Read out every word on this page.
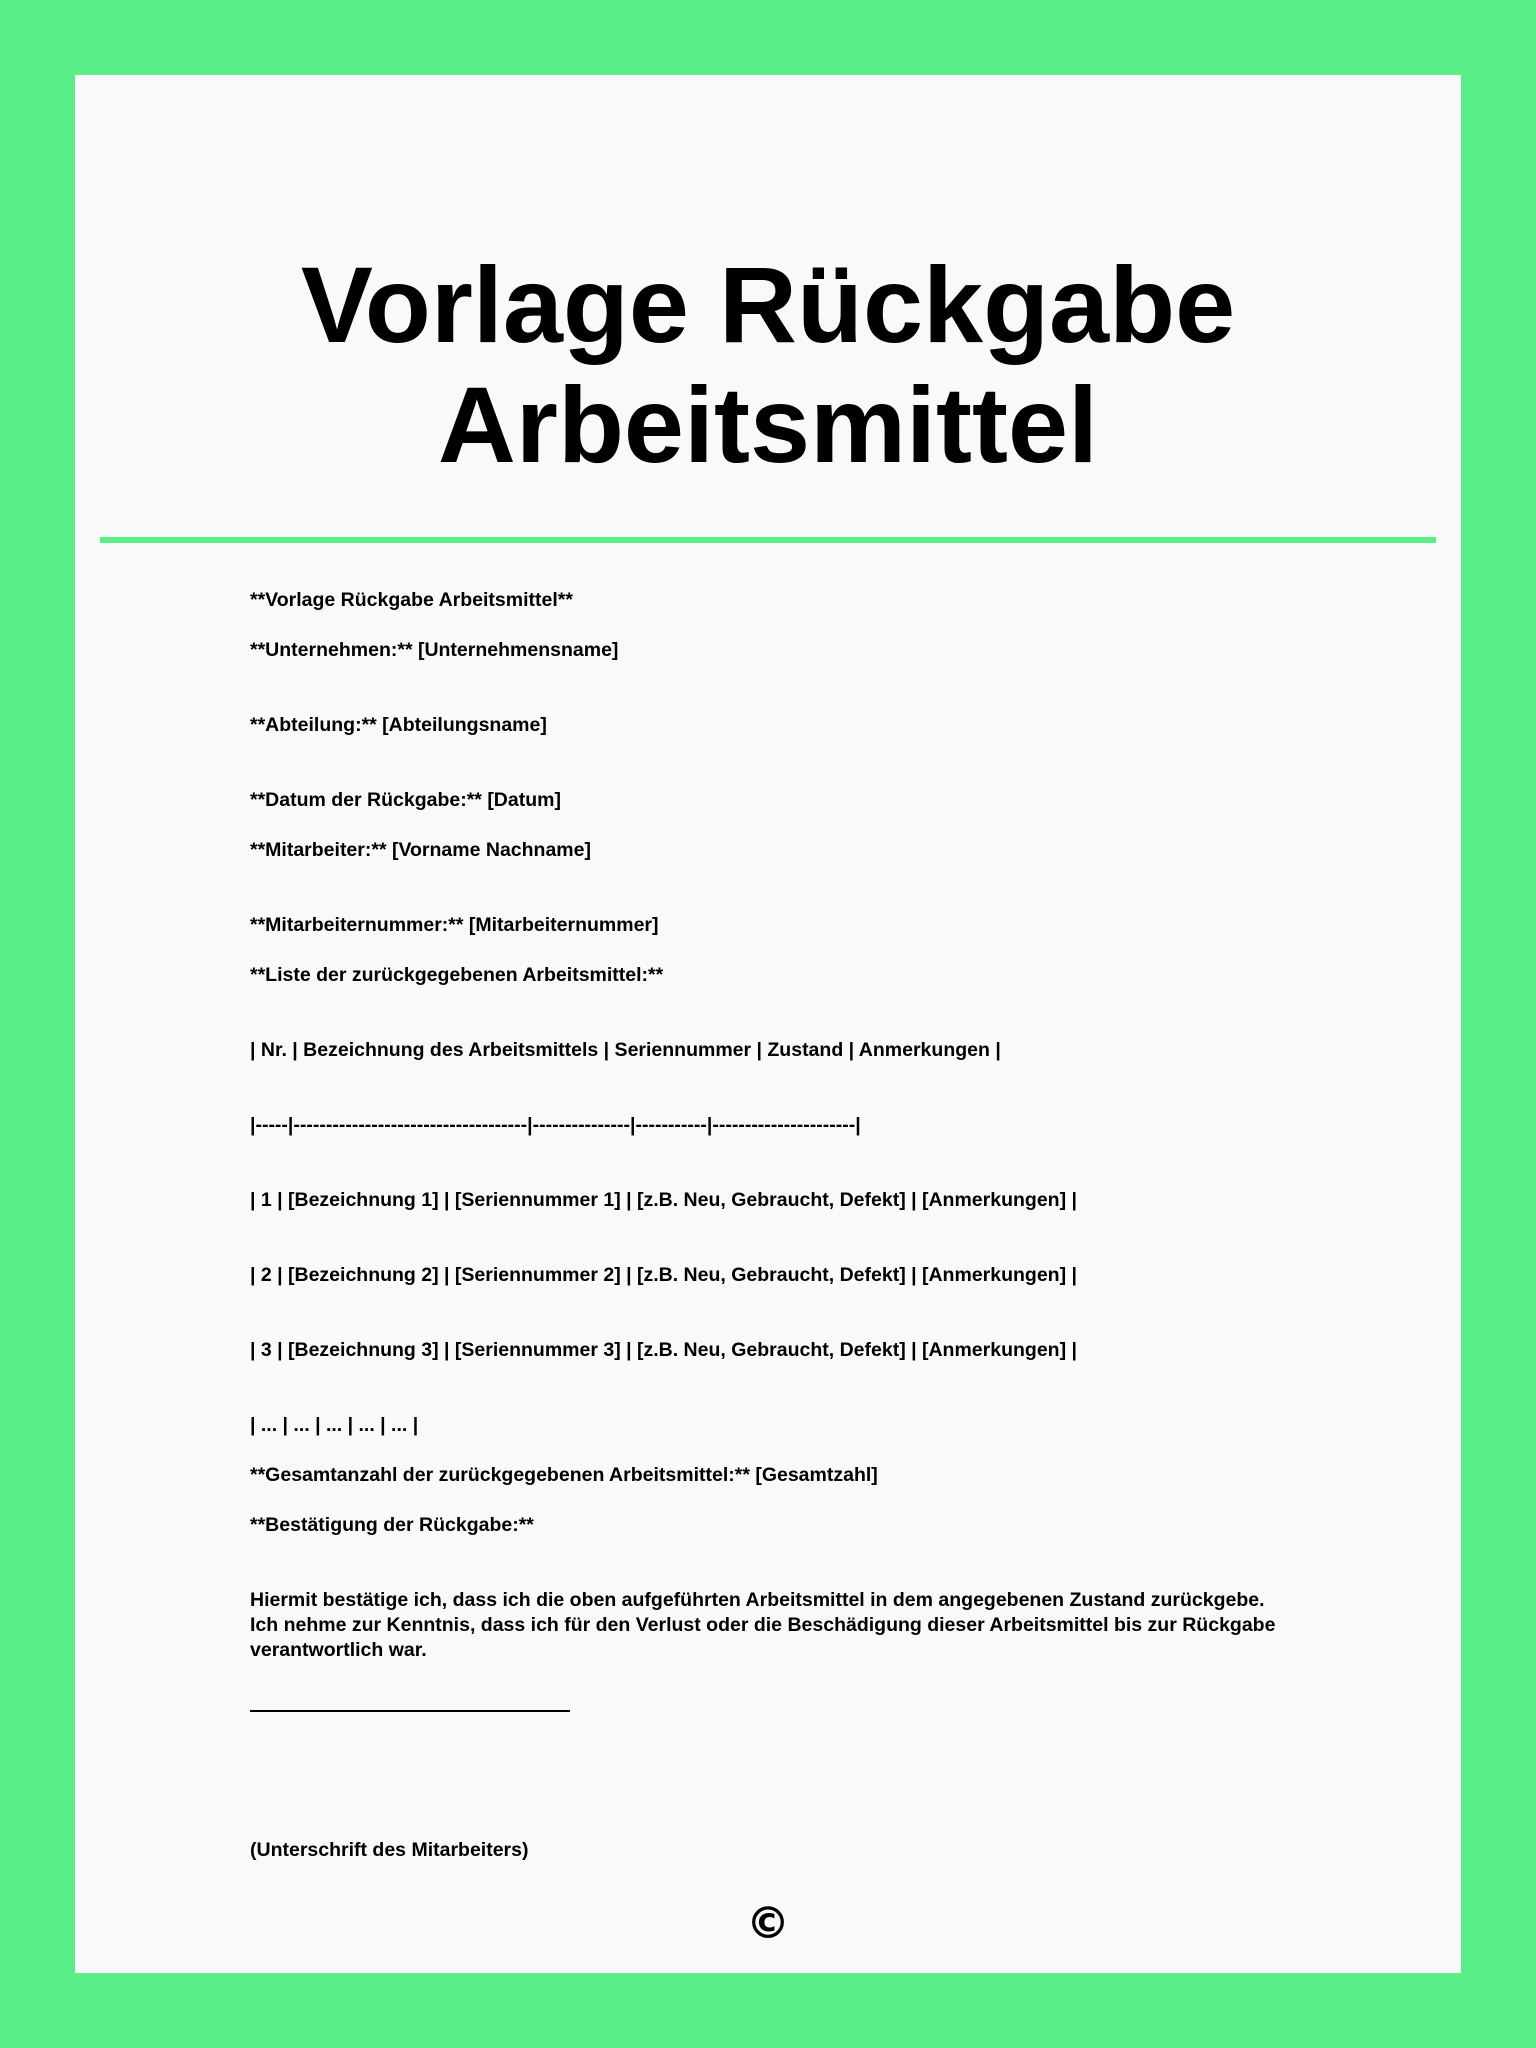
Vorlage Rückgabe
Arbeitsmittel

**Vorlage Rückgabe Arbeitsmittel**

**Unternehmen:** [Unternehmensname]

**Abteilung:** [Abteilungsname]

**Datum der Rückgabe:** [Datum]

**Mitarbeiter:** [Vorname Nachname]

**Mitarbeiternummer:** [Mitarbeiternummer]

**Liste der zurückgegebenen Arbeitsmittel:**

| Nr. | Bezeichnung des Arbeitsmittels | Seriennummer | Zustand | Anmerkungen |

|-----|------------------------------------|---------------|-----------|----------------------|

| 1 | [Bezeichnung 1] | [Seriennummer 1] | [z.B. Neu, Gebraucht, Defekt] | [Anmerkungen] |

| 2 | [Bezeichnung 2] | [Seriennummer 2] | [z.B. Neu, Gebraucht, Defekt] | [Anmerkungen] |

| 3 | [Bezeichnung 3] | [Seriennummer 3] | [z.B. Neu, Gebraucht, Defekt] | [Anmerkungen] |

| ... | ... | ... | ... | ... |

**Gesamtanzahl der zurückgegebenen Arbeitsmittel:** [Gesamtzahl]

**Bestätigung der Rückgabe:**

Hiermit bestätige ich, dass ich die oben aufgeführten Arbeitsmittel in dem angegebenen Zustand zurückgebe. Ich nehme zur Kenntnis, dass ich für den Verlust oder die Beschädigung dieser Arbeitsmittel bis zur Rückgabe verantwortlich war.

(Unterschrift des Mitarbeiters)

©
